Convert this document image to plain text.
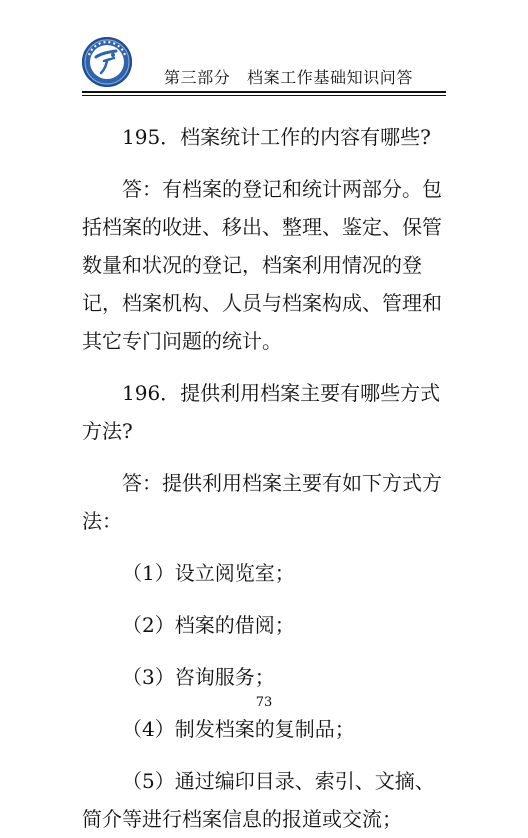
第三部分　档案工作基础知识问答

195．档案统计工作的内容有哪些?

答：有档案的登记和统计两部分。包括档案的收进、移出、整理、鉴定、保管数量和状况的登记，档案利用情况的登记，档案机构、人员与档案构成、管理和其它专门问题的统计。

196．提供利用档案主要有哪些方式方法?

答：提供利用档案主要有如下方式方法：

（1）设立阅览室；

（2）档案的借阅；

（3）咨询服务；

（4）制发档案的复制品；

（5）通过编印目录、索引、文摘、简介等进行档案信息的报道或交流；

73
